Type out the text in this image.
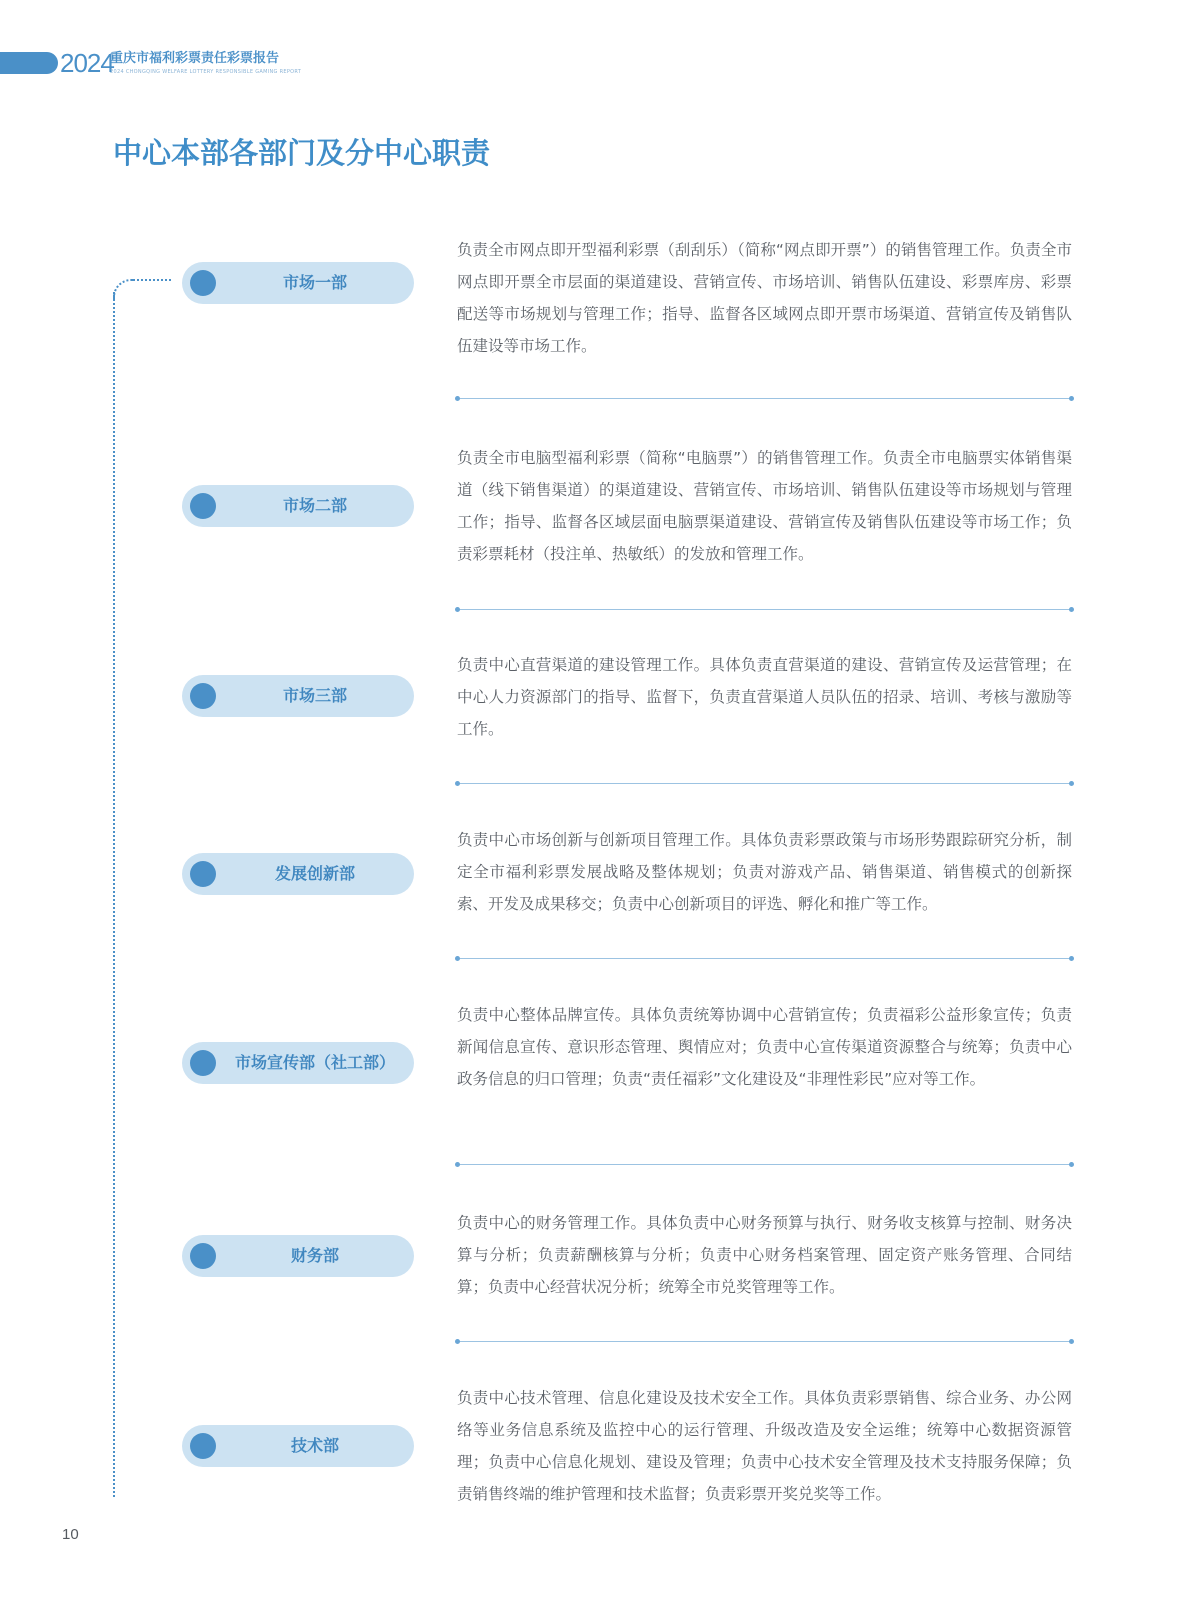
2024
重庆市福利彩票责任彩票报告
2024 CHONGQING WELFARE LOTTERY RESPONSIBLE GAMING REPORT
中心本部各部门及分中心职责
市场一部

负责全市网点即开型福利彩票（刮刮乐）（简称“网点即开票”）的销售管理工作。负责全市网点即开票全市层面的渠道建设、营销宣传、市场培训、销售队伍建设、彩票库房、彩票配送等市场规划与管理工作；指导、监督各区域网点即开票市场渠道、营销宣传及销售队伍建设等市场工作。

市场二部

负责全市电脑型福利彩票（简称“电脑票”）的销售管理工作。负责全市电脑票实体销售渠道（线下销售渠道）的渠道建设、营销宣传、市场培训、销售队伍建设等市场规划与管理工作；指导、监督各区域层面电脑票渠道建设、营销宣传及销售队伍建设等市场工作；负责彩票耗材（投注单、热敏纸）的发放和管理工作。

市场三部

负责中心直营渠道的建设管理工作。具体负责直营渠道的建设、营销宣传及运营管理；在中心人力资源部门的指导、监督下，负责直营渠道人员队伍的招录、培训、考核与激励等工作。

发展创新部

负责中心市场创新与创新项目管理工作。具体负责彩票政策与市场形势跟踪研究分析，制定全市福利彩票发展战略及整体规划；负责对游戏产品、销售渠道、销售模式的创新探索、开发及成果移交；负责中心创新项目的评选、孵化和推广等工作。

市场宣传部（社工部）

负责中心整体品牌宣传。具体负责统筹协调中心营销宣传；负责福彩公益形象宣传；负责新闻信息宣传、意识形态管理、舆情应对；负责中心宣传渠道资源整合与统筹；负责中心政务信息的归口管理；负责“责任福彩”文化建设及“非理性彩民”应对等工作。

财务部

负责中心的财务管理工作。具体负责中心财务预算与执行、财务收支核算与控制、财务决算与分析；负责薪酬核算与分析；负责中心财务档案管理、固定资产账务管理、合同结算；负责中心经营状况分析；统筹全市兑奖管理等工作。

技术部

负责中心技术管理、信息化建设及技术安全工作。具体负责彩票销售、综合业务、办公网络等业务信息系统及监控中心的运行管理、升级改造及安全运维；统筹中心数据资源管理；负责中心信息化规划、建设及管理；负责中心技术安全管理及技术支持服务保障；负责销售终端的维护管理和技术监督；负责彩票开奖兑奖等工作。

10
